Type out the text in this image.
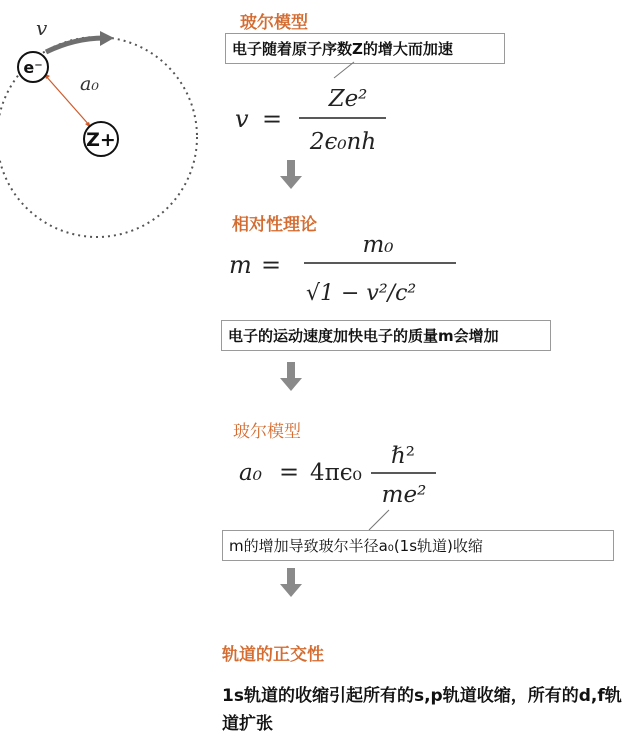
v
a₀
e⁻
Z+
玻尔模型
电子随着原子序数Z的增大而加速
v =
Ze²
2ϵ₀nh
相对性理论
m =
m₀
√1 − v²/c²
电子的运动速度加快电子的质量m会增加
玻尔模型
a₀ = 4πϵ₀
ℏ²
me²
m的增加导致玻尔半径a₀(1s轨道)收缩
轨道的正交性
1s轨道的收缩引起所有的s,p轨道收缩，所有的d,f轨道扩张
